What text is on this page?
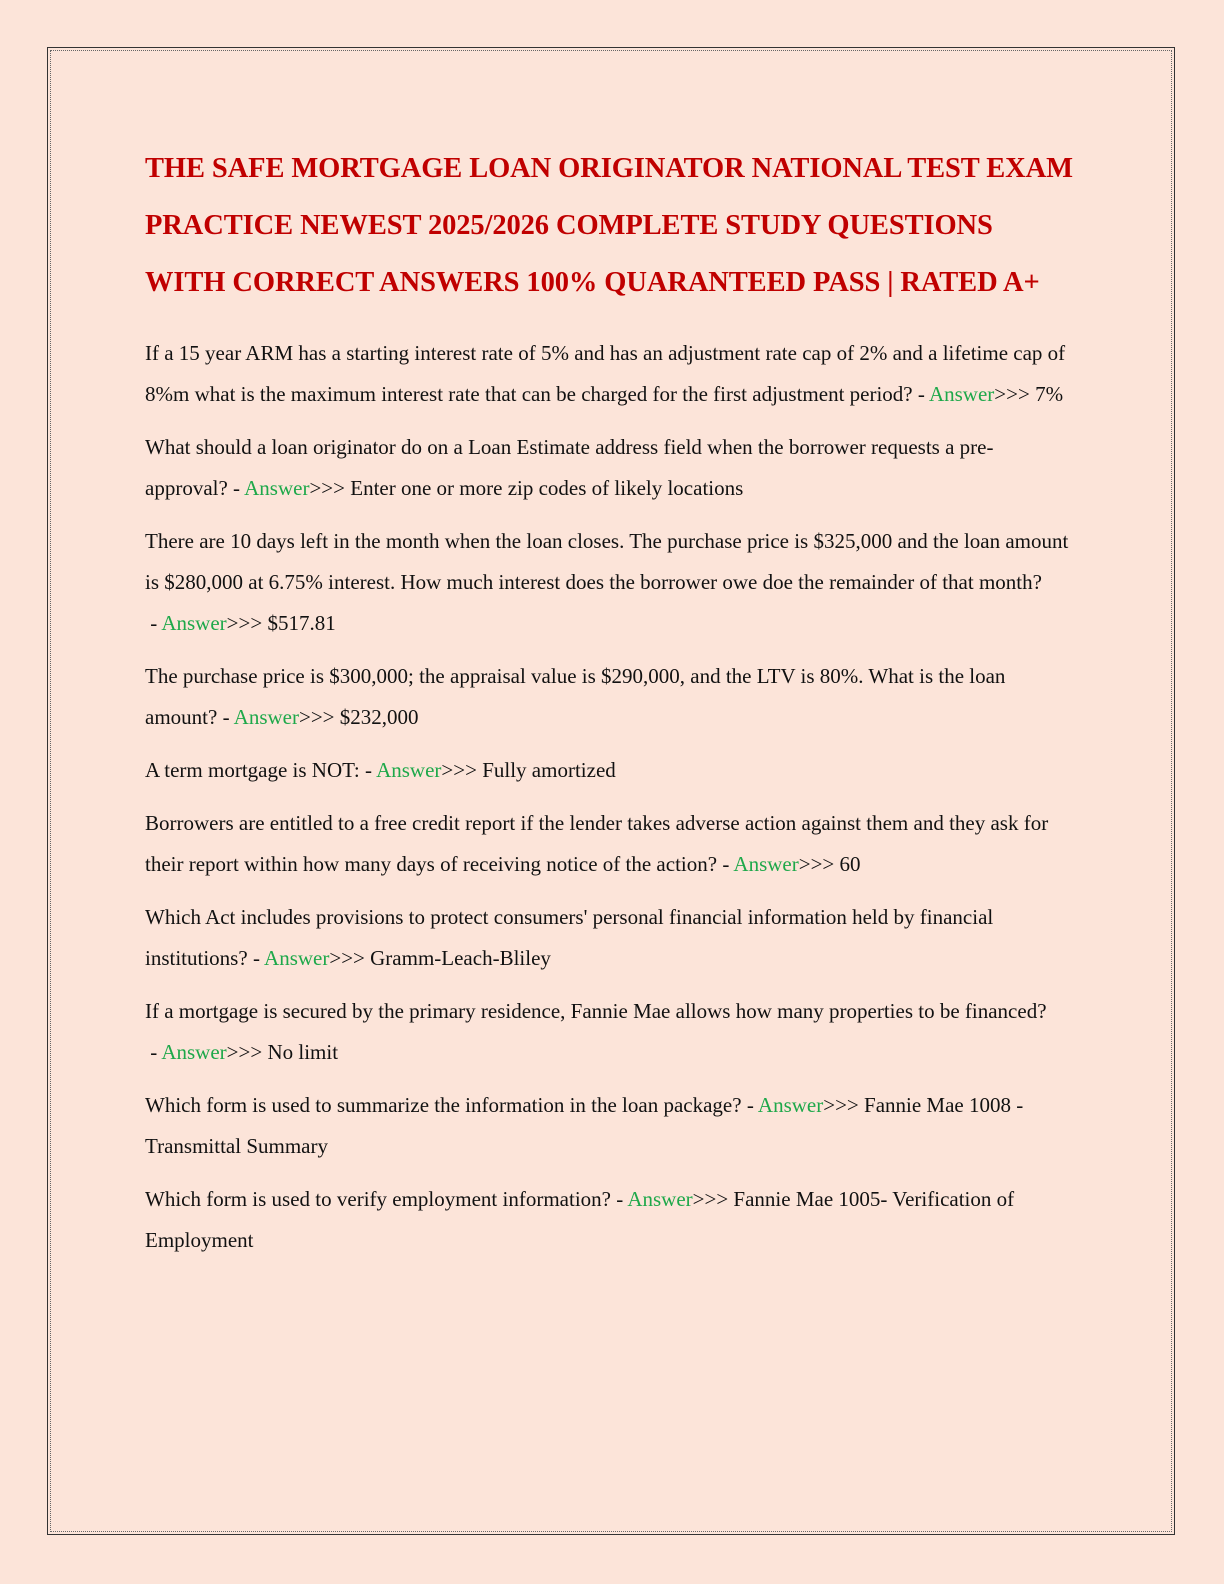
THE SAFE MORTGAGE LOAN ORIGINATOR NATIONAL TEST EXAM PRACTICE NEWEST 2025/2026 COMPLETE STUDY QUESTIONS WITH CORRECT ANSWERS 100% QUARANTEED PASS | RATED A+
If a 15 year ARM has a starting interest rate of 5% and has an adjustment rate cap of 2% and a lifetime cap of 8%m what is the maximum interest rate that can be charged for the first adjustment period? - Answer>>> 7%
What should a loan originator do on a Loan Estimate address field when the borrower requests a pre-approval? - Answer>>> Enter one or more zip codes of likely locations
There are 10 days left in the month when the loan closes. The purchase price is $325,000 and the loan amount is $280,000 at 6.75% interest. How much interest does the borrower owe doe the remainder of that month? - Answer>>> $517.81
The purchase price is $300,000; the appraisal value is $290,000, and the LTV is 80%. What is the loan amount? - Answer>>> $232,000
A term mortgage is NOT: - Answer>>> Fully amortized
Borrowers are entitled to a free credit report if the lender takes adverse action against them and they ask for their report within how many days of receiving notice of the action? - Answer>>> 60
Which Act includes provisions to protect consumers' personal financial information held by financial institutions? - Answer>>> Gramm-Leach-Bliley
If a mortgage is secured by the primary residence, Fannie Mae allows how many properties to be financed? - Answer>>> No limit
Which form is used to summarize the information in the loan package? - Answer>>> Fannie Mae 1008 - Transmittal Summary
Which form is used to verify employment information? - Answer>>> Fannie Mae 1005- Verification of Employment
